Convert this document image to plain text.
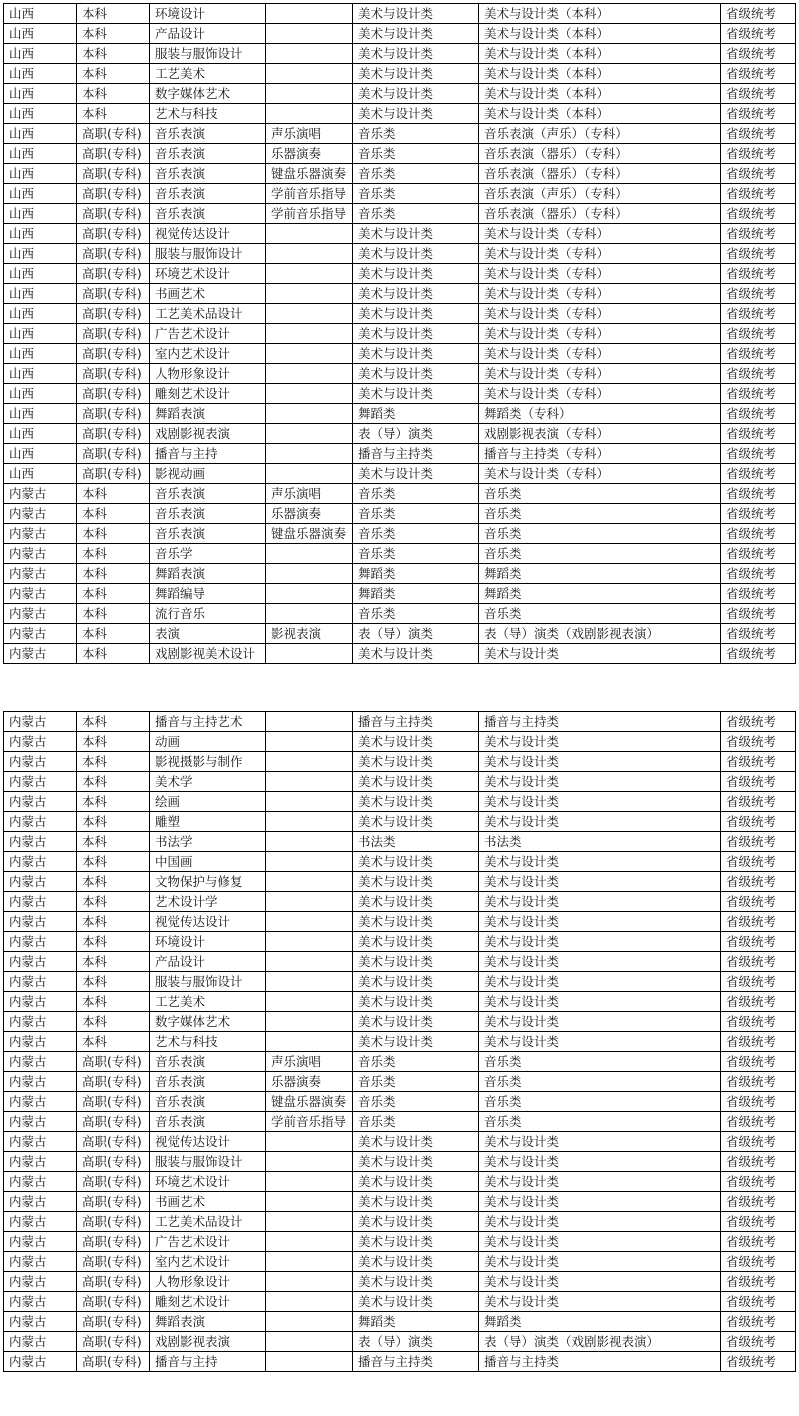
山西	本科	环境设计		美术与设计类	美术与设计类（本科）	省级统考
山西	本科	产品设计		美术与设计类	美术与设计类（本科）	省级统考
山西	本科	服装与服饰设计		美术与设计类	美术与设计类（本科）	省级统考
山西	本科	工艺美术		美术与设计类	美术与设计类（本科）	省级统考
山西	本科	数字媒体艺术		美术与设计类	美术与设计类（本科）	省级统考
山西	本科	艺术与科技		美术与设计类	美术与设计类（本科）	省级统考
山西	高职(专科)	音乐表演	声乐演唱	音乐类	音乐表演（声乐）（专科）	省级统考
山西	高职(专科)	音乐表演	乐器演奏	音乐类	音乐表演（器乐）（专科）	省级统考
山西	高职(专科)	音乐表演	键盘乐器演奏	音乐类	音乐表演（器乐）（专科）	省级统考
山西	高职(专科)	音乐表演	学前音乐指导	音乐类	音乐表演（声乐）（专科）	省级统考
山西	高职(专科)	音乐表演	学前音乐指导	音乐类	音乐表演（器乐）（专科）	省级统考
山西	高职(专科)	视觉传达设计		美术与设计类	美术与设计类（专科）	省级统考
山西	高职(专科)	服装与服饰设计		美术与设计类	美术与设计类（专科）	省级统考
山西	高职(专科)	环境艺术设计		美术与设计类	美术与设计类（专科）	省级统考
山西	高职(专科)	书画艺术		美术与设计类	美术与设计类（专科）	省级统考
山西	高职(专科)	工艺美术品设计		美术与设计类	美术与设计类（专科）	省级统考
山西	高职(专科)	广告艺术设计		美术与设计类	美术与设计类（专科）	省级统考
山西	高职(专科)	室内艺术设计		美术与设计类	美术与设计类（专科）	省级统考
山西	高职(专科)	人物形象设计		美术与设计类	美术与设计类（专科）	省级统考
山西	高职(专科)	雕刻艺术设计		美术与设计类	美术与设计类（专科）	省级统考
山西	高职(专科)	舞蹈表演		舞蹈类	舞蹈类（专科）	省级统考
山西	高职(专科)	戏剧影视表演		表（导）演类	戏剧影视表演（专科）	省级统考
山西	高职(专科)	播音与主持		播音与主持类	播音与主持类（专科）	省级统考
山西	高职(专科)	影视动画		美术与设计类	美术与设计类（专科）	省级统考
内蒙古	本科	音乐表演	声乐演唱	音乐类	音乐类	省级统考
内蒙古	本科	音乐表演	乐器演奏	音乐类	音乐类	省级统考
内蒙古	本科	音乐表演	键盘乐器演奏	音乐类	音乐类	省级统考
内蒙古	本科	音乐学		音乐类	音乐类	省级统考
内蒙古	本科	舞蹈表演		舞蹈类	舞蹈类	省级统考
内蒙古	本科	舞蹈编导		舞蹈类	舞蹈类	省级统考
内蒙古	本科	流行音乐		音乐类	音乐类	省级统考
内蒙古	本科	表演	影视表演	表（导）演类	表（导）演类（戏剧影视表演）	省级统考
内蒙古	本科	戏剧影视美术设计		美术与设计类	美术与设计类	省级统考
内蒙古	本科	播音与主持艺术		播音与主持类	播音与主持类	省级统考
内蒙古	本科	动画		美术与设计类	美术与设计类	省级统考
内蒙古	本科	影视摄影与制作		美术与设计类	美术与设计类	省级统考
内蒙古	本科	美术学		美术与设计类	美术与设计类	省级统考
内蒙古	本科	绘画		美术与设计类	美术与设计类	省级统考
内蒙古	本科	雕塑		美术与设计类	美术与设计类	省级统考
内蒙古	本科	书法学		书法类	书法类	省级统考
内蒙古	本科	中国画		美术与设计类	美术与设计类	省级统考
内蒙古	本科	文物保护与修复		美术与设计类	美术与设计类	省级统考
内蒙古	本科	艺术设计学		美术与设计类	美术与设计类	省级统考
内蒙古	本科	视觉传达设计		美术与设计类	美术与设计类	省级统考
内蒙古	本科	环境设计		美术与设计类	美术与设计类	省级统考
内蒙古	本科	产品设计		美术与设计类	美术与设计类	省级统考
内蒙古	本科	服装与服饰设计		美术与设计类	美术与设计类	省级统考
内蒙古	本科	工艺美术		美术与设计类	美术与设计类	省级统考
内蒙古	本科	数字媒体艺术		美术与设计类	美术与设计类	省级统考
内蒙古	本科	艺术与科技		美术与设计类	美术与设计类	省级统考
内蒙古	高职(专科)	音乐表演	声乐演唱	音乐类	音乐类	省级统考
内蒙古	高职(专科)	音乐表演	乐器演奏	音乐类	音乐类	省级统考
内蒙古	高职(专科)	音乐表演	键盘乐器演奏	音乐类	音乐类	省级统考
内蒙古	高职(专科)	音乐表演	学前音乐指导	音乐类	音乐类	省级统考
内蒙古	高职(专科)	视觉传达设计		美术与设计类	美术与设计类	省级统考
内蒙古	高职(专科)	服装与服饰设计		美术与设计类	美术与设计类	省级统考
内蒙古	高职(专科)	环境艺术设计		美术与设计类	美术与设计类	省级统考
内蒙古	高职(专科)	书画艺术		美术与设计类	美术与设计类	省级统考
内蒙古	高职(专科)	工艺美术品设计		美术与设计类	美术与设计类	省级统考
内蒙古	高职(专科)	广告艺术设计		美术与设计类	美术与设计类	省级统考
内蒙古	高职(专科)	室内艺术设计		美术与设计类	美术与设计类	省级统考
内蒙古	高职(专科)	人物形象设计		美术与设计类	美术与设计类	省级统考
内蒙古	高职(专科)	雕刻艺术设计		美术与设计类	美术与设计类	省级统考
内蒙古	高职(专科)	舞蹈表演		舞蹈类	舞蹈类	省级统考
内蒙古	高职(专科)	戏剧影视表演		表（导）演类	表（导）演类（戏剧影视表演）	省级统考
内蒙古	高职(专科)	播音与主持		播音与主持类	播音与主持类	省级统考
